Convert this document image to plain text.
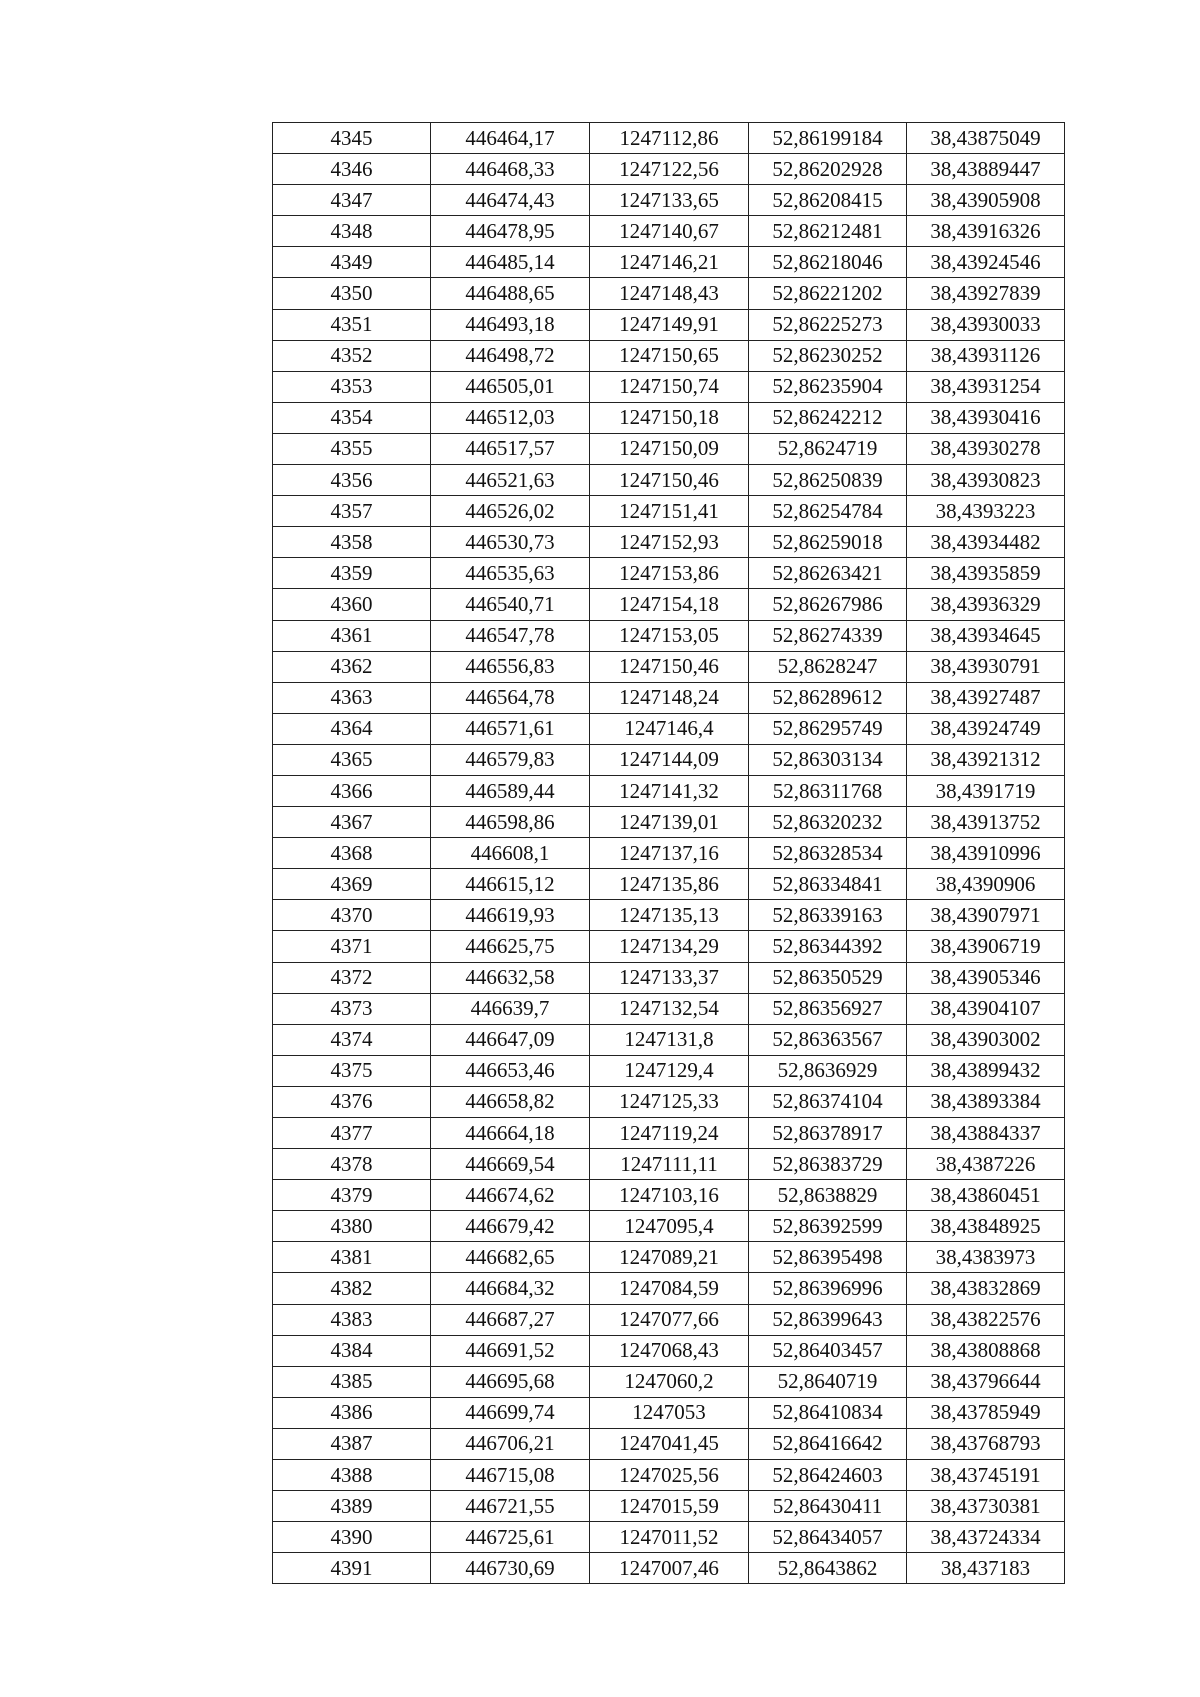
4345	446464,17	1247112,86	52,86199184	38,43875049
4346	446468,33	1247122,56	52,86202928	38,43889447
4347	446474,43	1247133,65	52,86208415	38,43905908
4348	446478,95	1247140,67	52,86212481	38,43916326
4349	446485,14	1247146,21	52,86218046	38,43924546
4350	446488,65	1247148,43	52,86221202	38,43927839
4351	446493,18	1247149,91	52,86225273	38,43930033
4352	446498,72	1247150,65	52,86230252	38,43931126
4353	446505,01	1247150,74	52,86235904	38,43931254
4354	446512,03	1247150,18	52,86242212	38,43930416
4355	446517,57	1247150,09	52,8624719	38,43930278
4356	446521,63	1247150,46	52,86250839	38,43930823
4357	446526,02	1247151,41	52,86254784	38,4393223
4358	446530,73	1247152,93	52,86259018	38,43934482
4359	446535,63	1247153,86	52,86263421	38,43935859
4360	446540,71	1247154,18	52,86267986	38,43936329
4361	446547,78	1247153,05	52,86274339	38,43934645
4362	446556,83	1247150,46	52,8628247	38,43930791
4363	446564,78	1247148,24	52,86289612	38,43927487
4364	446571,61	1247146,4	52,86295749	38,43924749
4365	446579,83	1247144,09	52,86303134	38,43921312
4366	446589,44	1247141,32	52,86311768	38,4391719
4367	446598,86	1247139,01	52,86320232	38,43913752
4368	446608,1	1247137,16	52,86328534	38,43910996
4369	446615,12	1247135,86	52,86334841	38,4390906
4370	446619,93	1247135,13	52,86339163	38,43907971
4371	446625,75	1247134,29	52,86344392	38,43906719
4372	446632,58	1247133,37	52,86350529	38,43905346
4373	446639,7	1247132,54	52,86356927	38,43904107
4374	446647,09	1247131,8	52,86363567	38,43903002
4375	446653,46	1247129,4	52,8636929	38,43899432
4376	446658,82	1247125,33	52,86374104	38,43893384
4377	446664,18	1247119,24	52,86378917	38,43884337
4378	446669,54	1247111,11	52,86383729	38,4387226
4379	446674,62	1247103,16	52,8638829	38,43860451
4380	446679,42	1247095,4	52,86392599	38,43848925
4381	446682,65	1247089,21	52,86395498	38,4383973
4382	446684,32	1247084,59	52,86396996	38,43832869
4383	446687,27	1247077,66	52,86399643	38,43822576
4384	446691,52	1247068,43	52,86403457	38,43808868
4385	446695,68	1247060,2	52,8640719	38,43796644
4386	446699,74	1247053	52,86410834	38,43785949
4387	446706,21	1247041,45	52,86416642	38,43768793
4388	446715,08	1247025,56	52,86424603	38,43745191
4389	446721,55	1247015,59	52,86430411	38,43730381
4390	446725,61	1247011,52	52,86434057	38,43724334
4391	446730,69	1247007,46	52,8643862	38,437183
